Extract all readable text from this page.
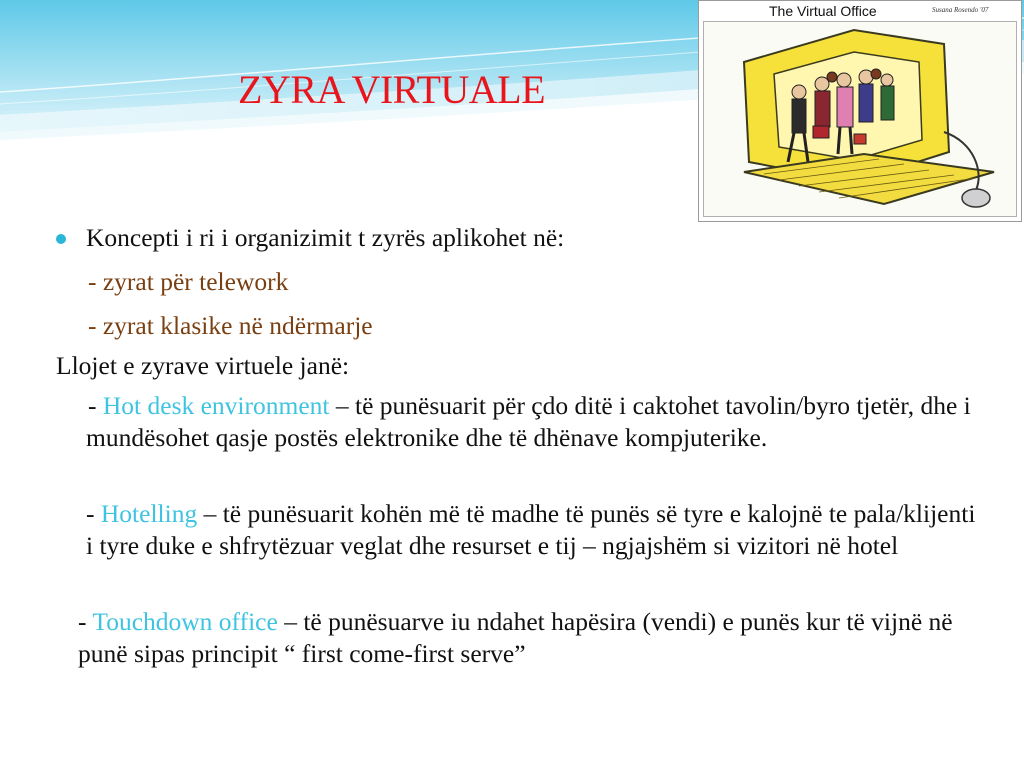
ZYRA VIRTUALE
The Virtual Office	Susana Rosendo '07
Koncepti i ri i organizimit t zyrës aplikohet në:
- zyrat për telework
- zyrat klasike në ndërmarje
Llojet e zyrave virtuele janë:
- Hot desk environment – të punësuarit për çdo ditë i caktohet tavolin/byro tjetër, dhe i mundësohet qasje postës elektronike dhe të dhënave kompjuterike.
- Hotelling – të punësuarit kohën më të madhe të punës së tyre e kalojnë te pala/klijenti i tyre duke e shfrytëzuar veglat dhe resurset e tij – ngjajshëm si vizitori në hotel
- Touchdown office – të punësuarve iu ndahet hapësira (vendi) e punës kur të vijnë në punë sipas principit “ first come-first serve”
